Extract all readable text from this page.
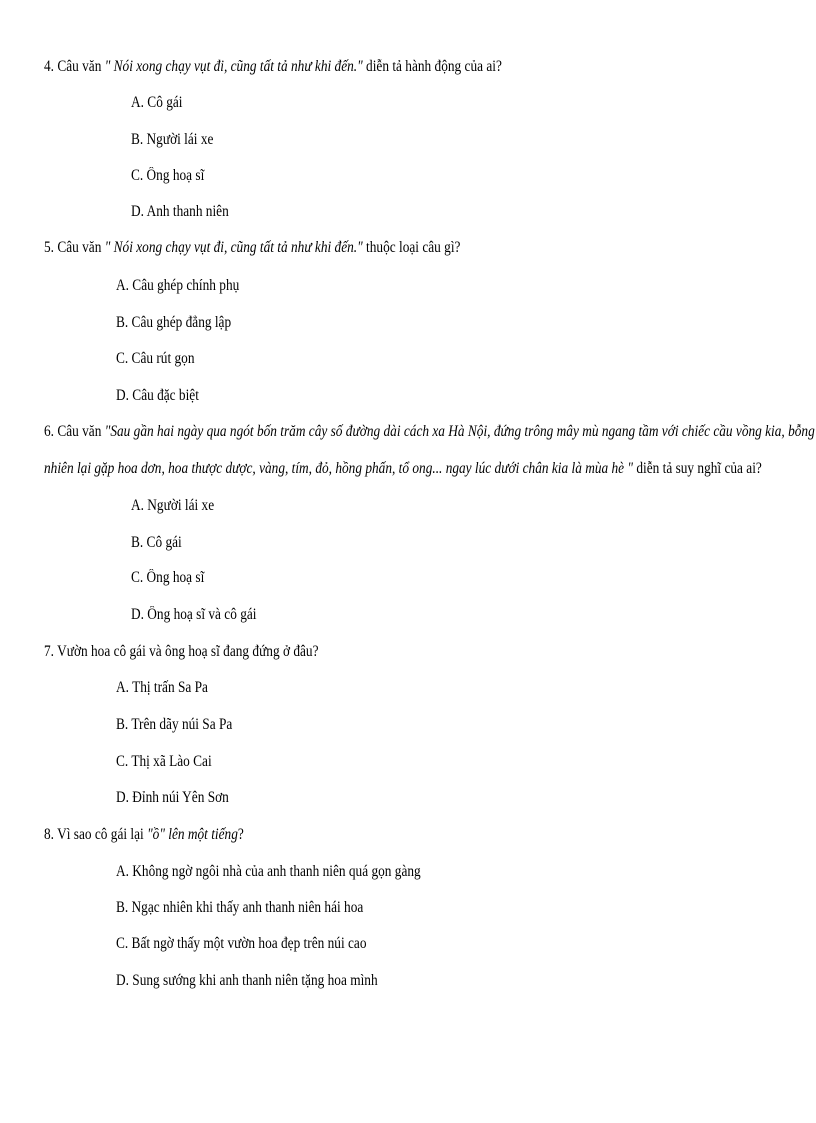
4. Câu văn " Nói xong chạy vụt đi, cũng tất tả như khi đến." diễn tả hành động của ai?
A. Cô gái
B. Người lái xe
C. Ông hoạ sĩ
D. Anh thanh niên
5. Câu văn " Nói xong chạy vụt đi, cũng tất tả như khi đến." thuộc loại câu gì?
A. Câu ghép chính phụ
B. Câu ghép đẳng lập
C. Câu rút gọn
D. Câu đặc biệt
6. Câu văn "Sau gần hai ngày qua ngót bốn trăm cây số đường dài cách xa Hà Nội, đứng trông mây mù ngang tầm với chiếc cầu vồng kia, bỗng
nhiên lại gặp hoa dơn, hoa thược dược, vàng, tím, đỏ, hồng phấn, tổ ong... ngay lúc dưới chân kia là mùa hè " diễn tả suy nghĩ của ai?
A. Người lái xe
B. Cô gái
C. Ông hoạ sĩ
D. Ông hoạ sĩ và cô gái
7. Vườn hoa cô gái và ông hoạ sĩ đang đứng ở đâu?
A. Thị trấn Sa Pa
B. Trên dãy núi Sa Pa
C. Thị xã Lào Cai
D. Đỉnh núi Yên Sơn
8. Vì sao cô gái lại "ồ" lên một tiếng?
A. Không ngờ ngôi nhà của anh thanh niên quá gọn gàng
B. Ngạc nhiên khi thấy anh thanh niên hái hoa
C. Bất ngờ thấy một vườn hoa đẹp trên núi cao
D. Sung sướng khi anh thanh niên tặng hoa mình
